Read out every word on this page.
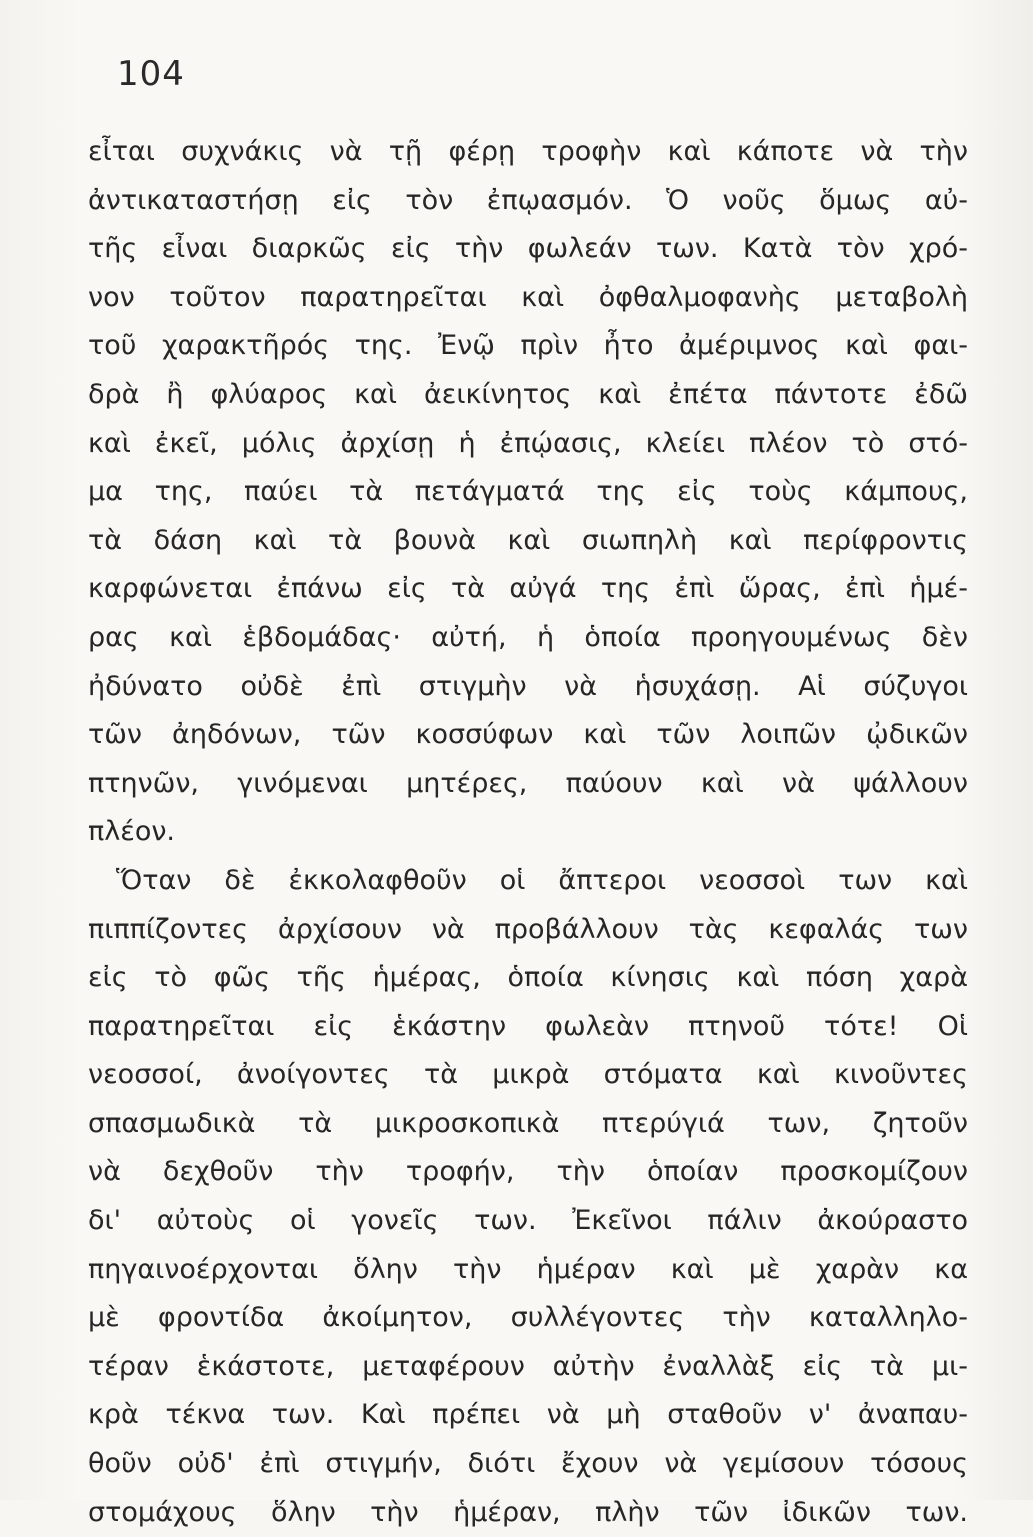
104
εἶται συχνάκις νὰ τῇ φέρῃ τροφὴν καὶ κάποτε νὰ τὴν
ἀντικαταστήσῃ εἰς τὸν ἐπῳασμόν. Ὁ νοῦς ὅμως αὐ-
τῆς εἶναι διαρκῶς εἰς τὴν φωλεάν των. Κατὰ τὸν χρό-
νον τοῦτον παρατηρεῖται καὶ ὀφθαλμοφανὴς μεταβολὴ
τοῦ χαρακτῆρός της. Ἐνῷ πρὶν ἦτο ἀμέριμνος καὶ φαι-
δρὰ ἢ φλύαρος καὶ ἀεικίνητος καὶ ἐπέτα πάντοτε ἐδῶ
καὶ ἐκεῖ, μόλις ἀρχίσῃ ἡ ἐπῴασις, κλείει πλέον τὸ στό-
μα της, παύει τὰ πετάγματά της εἰς τοὺς κάμπους,
τὰ δάση καὶ τὰ βουνὰ καὶ σιωπηλὴ καὶ περίφροντις
καρφώνεται ἐπάνω εἰς τὰ αὐγά της ἐπὶ ὥρας, ἐπὶ ἡμέ-
ρας καὶ ἑβδομάδας· αὐτή, ἡ ὁποία προηγουμένως δὲν
ἠδύνατο οὐδὲ ἐπὶ στιγμὴν νὰ ἡσυχάσῃ. Αἱ σύζυγοι
τῶν ἀηδόνων, τῶν κοσσύφων καὶ τῶν λοιπῶν ᾠδικῶν
πτηνῶν, γινόμεναι μητέρες, παύουν καὶ νὰ ψάλλουν
πλέον.
Ὅταν δὲ ἐκκολαφθοῦν οἱ ἄπτεροι νεοσσοὶ των καὶ
πιππίζοντες ἀρχίσουν νὰ προβάλλουν τὰς κεφαλάς των
εἰς τὸ φῶς τῆς ἡμέρας, ὁποία κίνησις καὶ πόση χαρὰ
παρατηρεῖται εἰς ἑκάστην φωλεὰν πτηνοῦ τότε! Οἱ
νεοσσοί, ἀνοίγοντες τὰ μικρὰ στόματα καὶ κινοῦντες
σπασμωδικὰ τὰ μικροσκοπικὰ πτερύγιά των, ζητοῦν
νὰ δεχθοῦν τὴν τροφήν, τὴν ὁποίαν προσκομίζουν
δι' αὐτοὺς οἱ γονεῖς των. Ἐκεῖνοι πάλιν ἀκούραστο
πηγαινοέρχονται ὅλην τὴν ἡμέραν καὶ μὲ χαρὰν κα
μὲ φροντίδα ἀκοίμητον, συλλέγοντες τὴν καταλληλο-
τέραν ἑκάστοτε, μεταφέρουν αὐτὴν ἐναλλὰξ εἰς τὰ μι-
κρὰ τέκνα των. Καὶ πρέπει νὰ μὴ σταθοῦν ν' ἀναπαυ-
θοῦν οὐδ' ἐπὶ στιγμήν, διότι ἔχουν νὰ γεμίσουν τόσους
στομάχους ὅλην τὴν ἡμέραν, πλὴν τῶν ἰδικῶν των.
